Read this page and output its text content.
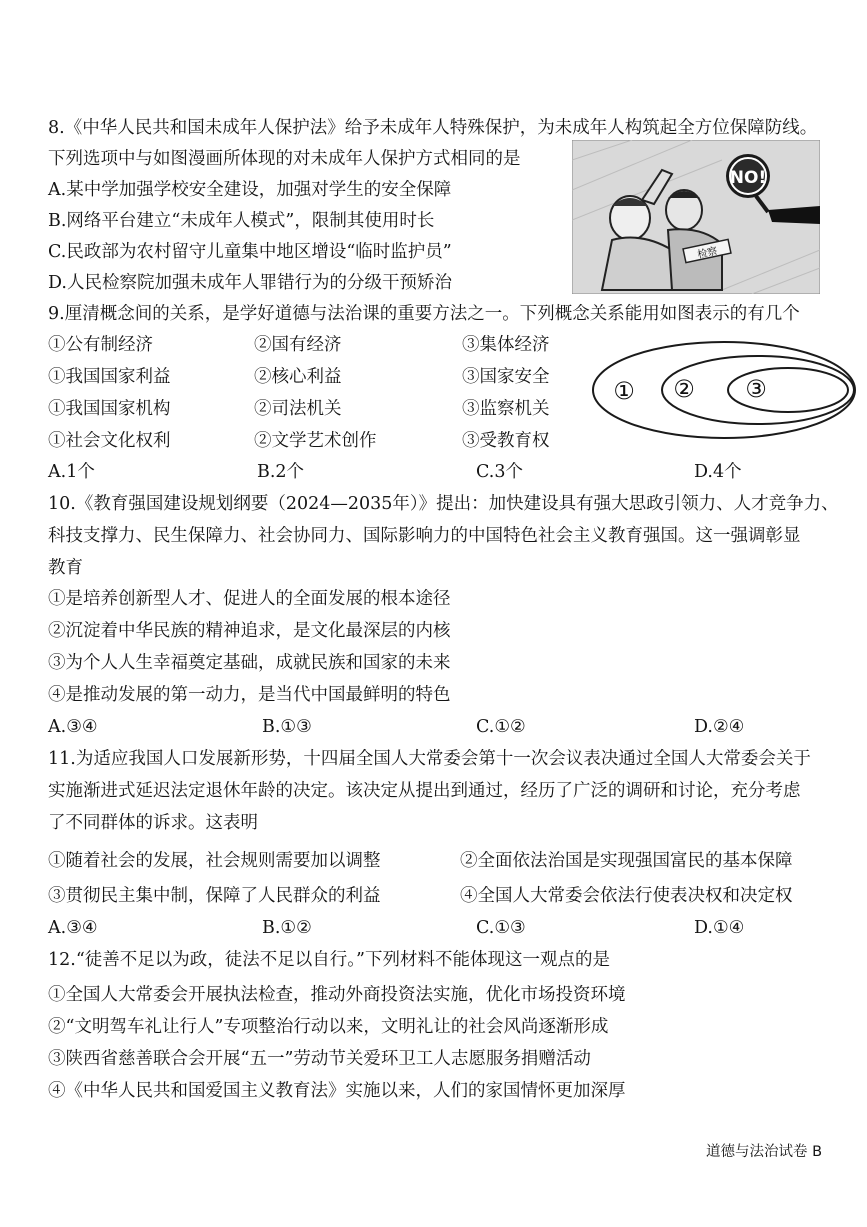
8.《中华人民共和国未成年人保护法》给予未成年人特殊保护，为未成年人构筑起全方位保障防线。
下列选项中与如图漫画所体现的对未成年人保护方式相同的是
A.某中学加强学校安全建设，加强对学生的安全保障
B.网络平台建立“未成年人模式”，限制其使用时长
C.民政部为农村留守儿童集中地区增设“临时监护员”
D.人民检察院加强未成年人罪错行为的分级干预矫治
NO!
检察
9.厘清概念间的关系，是学好道德与法治课的重要方法之一。下列概念关系能用如图表示的有几个
①公有制经济	②国有经济	③集体经济
①我国国家利益	②核心利益	③国家安全
①我国国家机构	②司法机关	③监察机关
①社会文化权利	②文学艺术创作	③受教育权
① ② ③
A.1个	B.2个	C.3个	D.4个
10.《教育强国建设规划纲要（2024—2035年）》提出：加快建设具有强大思政引领力、人才竞争力、
科技支撑力、民生保障力、社会协同力、国际影响力的中国特色社会主义教育强国。这一强调彰显
教育
①是培养创新型人才、促进人的全面发展的根本途径
②沉淀着中华民族的精神追求，是文化最深层的内核
③为个人人生幸福奠定基础，成就民族和国家的未来
④是推动发展的第一动力，是当代中国最鲜明的特色
A.③④	B.①③	C.①②	D.②④
11.为适应我国人口发展新形势，十四届全国人大常委会第十一次会议表决通过全国人大常委会关于
实施渐进式延迟法定退休年龄的决定。该决定从提出到通过，经历了广泛的调研和讨论，充分考虑
了不同群体的诉求。这表明
①随着社会的发展，社会规则需要加以调整	②全面依法治国是实现强国富民的基本保障
③贯彻民主集中制，保障了人民群众的利益	④全国人大常委会依法行使表决权和决定权
A.③④	B.①②	C.①③	D.①④
12.“徒善不足以为政，徒法不足以自行。”下列材料不能体现这一观点的是
①全国人大常委会开展执法检查，推动外商投资法实施，优化市场投资环境
②“文明驾车礼让行人”专项整治行动以来，文明礼让的社会风尚逐渐形成
③陕西省慈善联合会开展“五一”劳动节关爱环卫工人志愿服务捐赠活动
④《中华人民共和国爱国主义教育法》实施以来，人们的家国情怀更加深厚
道德与法治试卷 B
